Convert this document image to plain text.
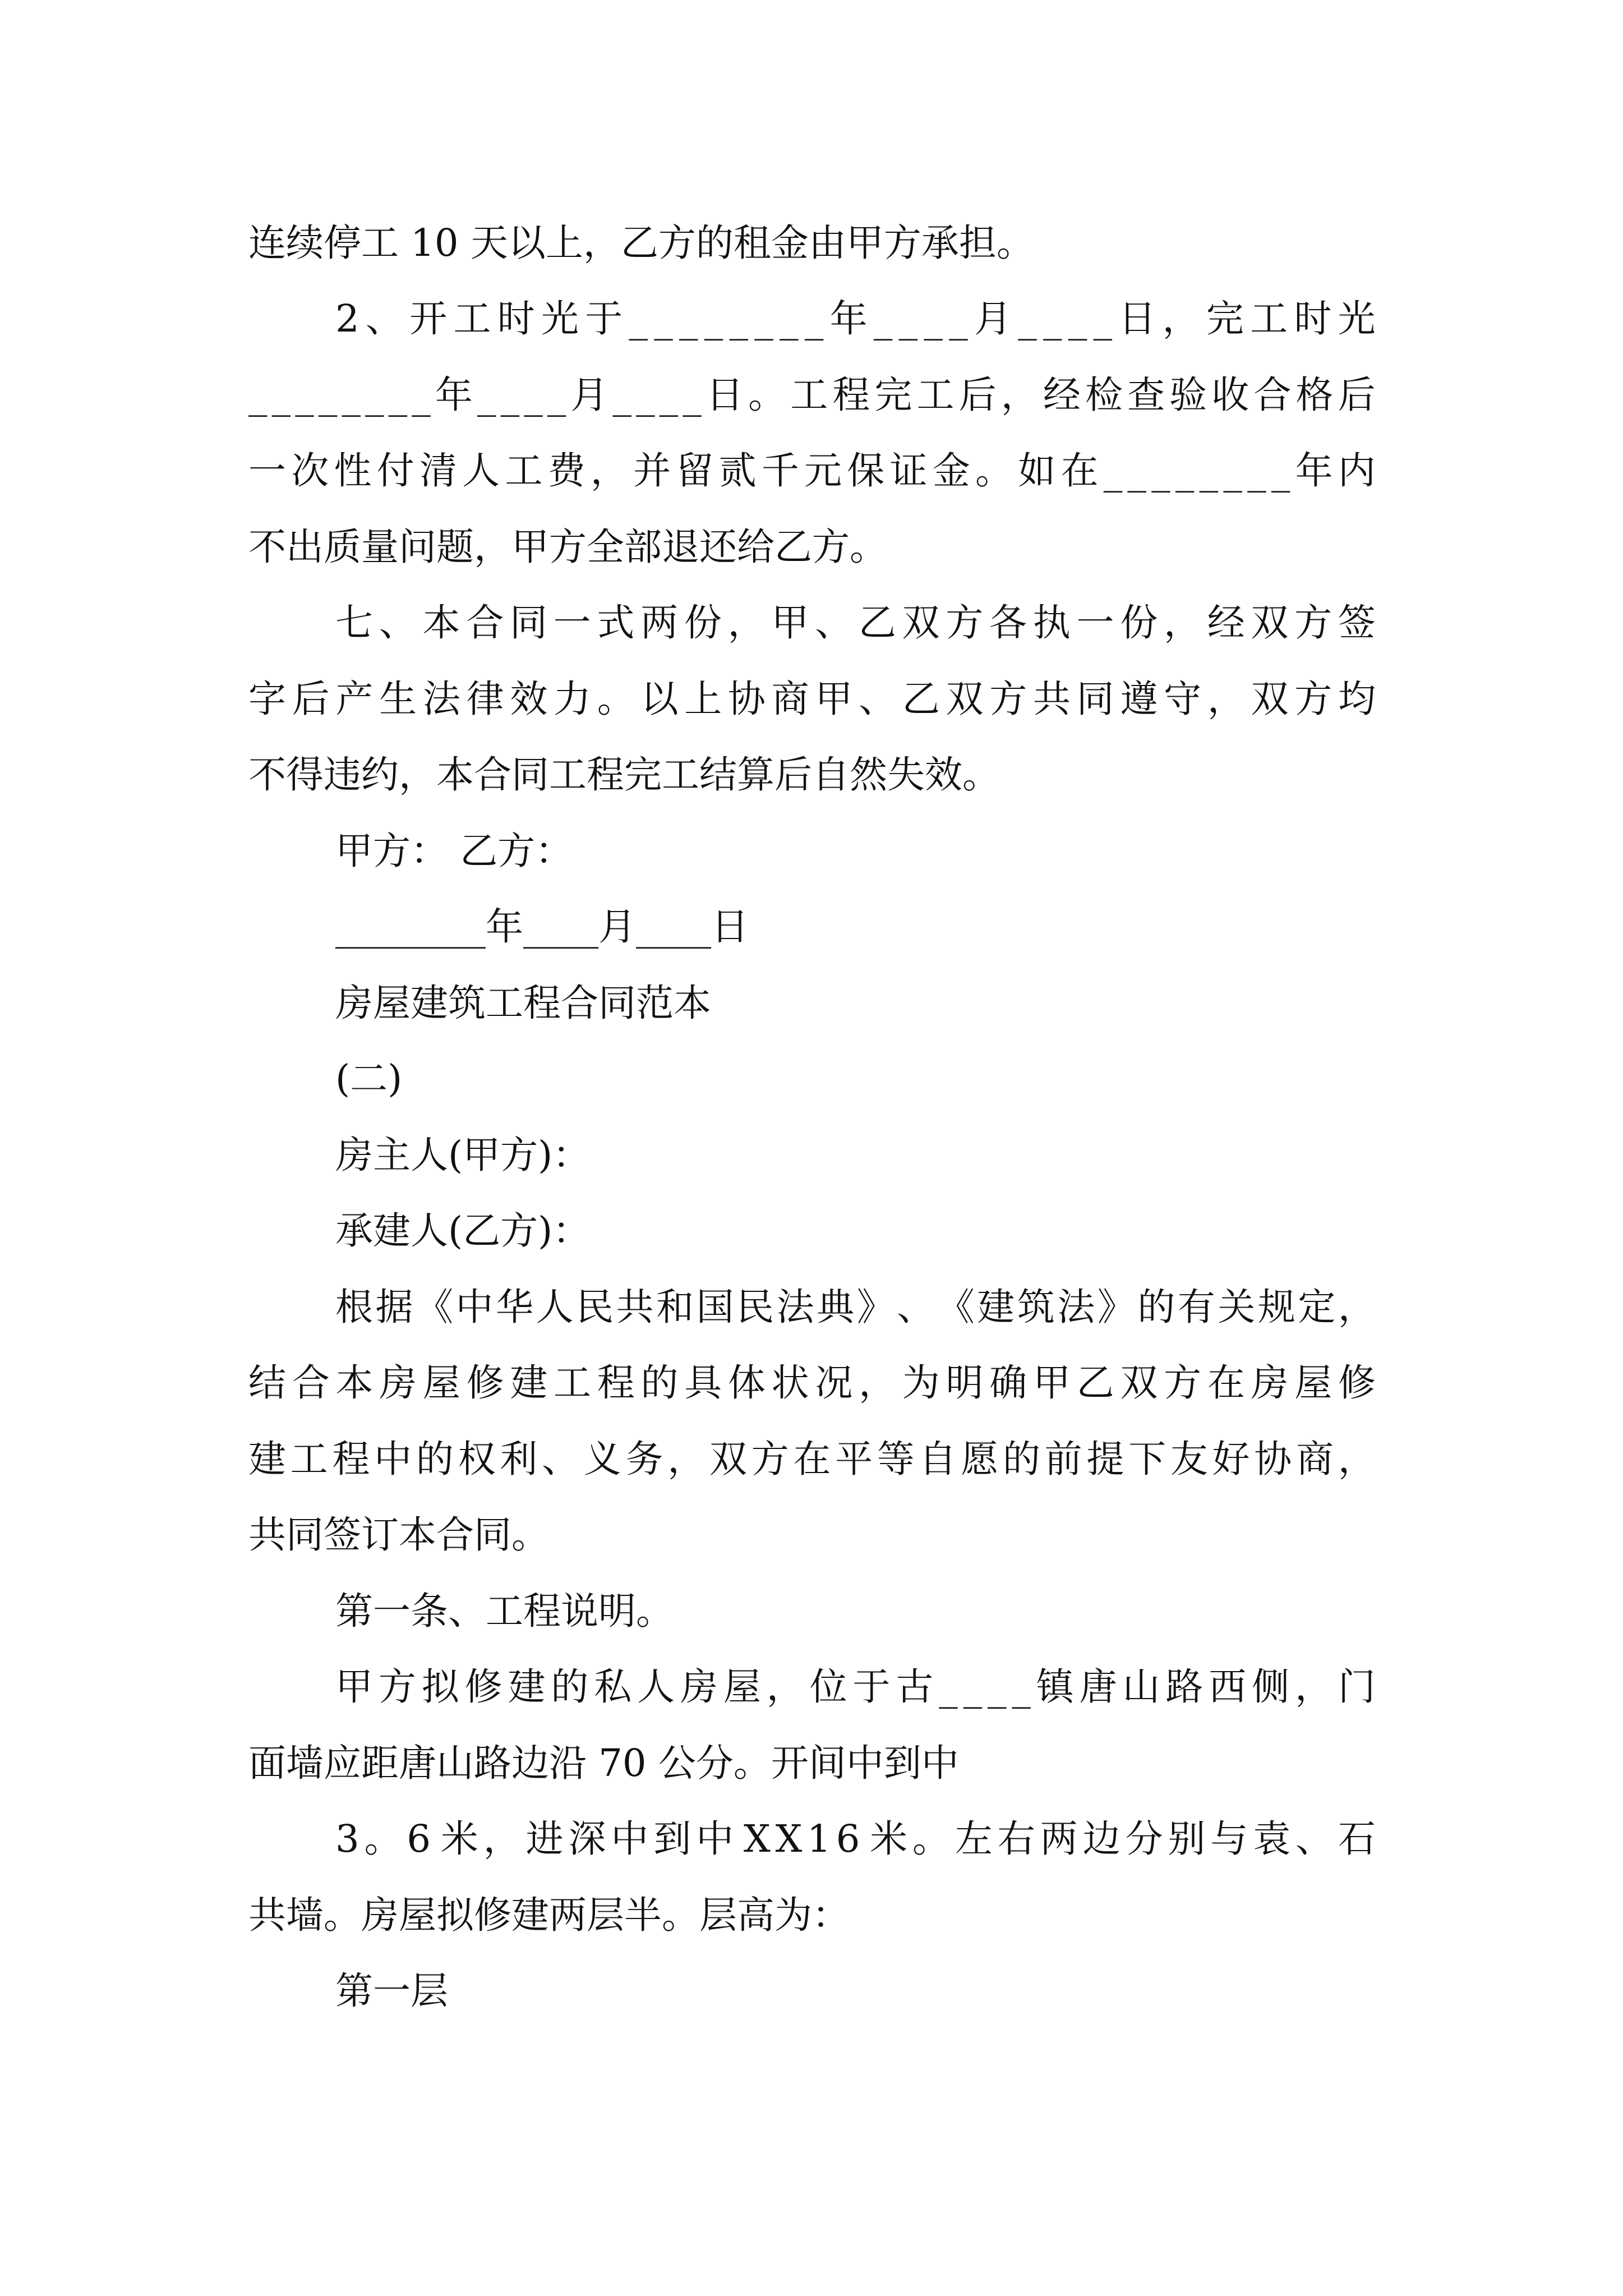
连续停工 10 天以上，乙方的租金由甲方承担。
2 、 开 工 时 光 于 _ _ _ _ _ _ _ _ 年 _ _ _ _ 月 _ _ _ _ 日 ， 完 工 时 光
_ _ _ _ _ _ _ _ 年 _ _ _ _ 月 _ _ _ _ 日 。 工 程 完 工 后 ， 经 检 查 验 收 合 格 后
一 次 性 付 清 人 工 费 ， 并 留 贰 千 元 保 证 金 。 如 在 _ _ _ _ _ _ _ _ 年 内
不出质量问题，甲方全部退还给乙方。
七 、 本 合 同 一 式 两 份 ， 甲 、 乙 双 方 各 执 一 份 ， 经 双 方 签
字 后 产 生 法 律 效 力 。 以 上 协 商 甲 、 乙 双 方 共 同 遵 守 ， 双 方 均
不得违约，本合同工程完工结算后自然失效。
甲方： 乙方：
________年____月____日
房屋建筑工程合同范本
(二)
房主人(甲方)：
承建人(乙方)：
根 据 《 中 华 人 民 共 和 国 民 法 典 》 、 《 建 筑 法 》 的 有 关 规 定 ，
结 合 本 房 屋 修 建 工 程 的 具 体 状 况 ， 为 明 确 甲 乙 双 方 在 房 屋 修
建 工 程 中 的 权 利 、 义 务 ， 双 方 在 平 等 自 愿 的 前 提 下 友 好 协 商 ，
共同签订本合同。
第一条、工程说明。
甲 方 拟 修 建 的 私 人 房 屋 ， 位 于 古 _ _ _ _ 镇 唐 山 路 西 侧 ， 门
面墙应距唐山路边沿 70 公分。开间中到中
3 。 6 米 ， 进 深 中 到 中 X X 1 6 米 。 左 右 两 边 分 别 与 袁 、 石
共墙。房屋拟修建两层半。层高为：
第一层
